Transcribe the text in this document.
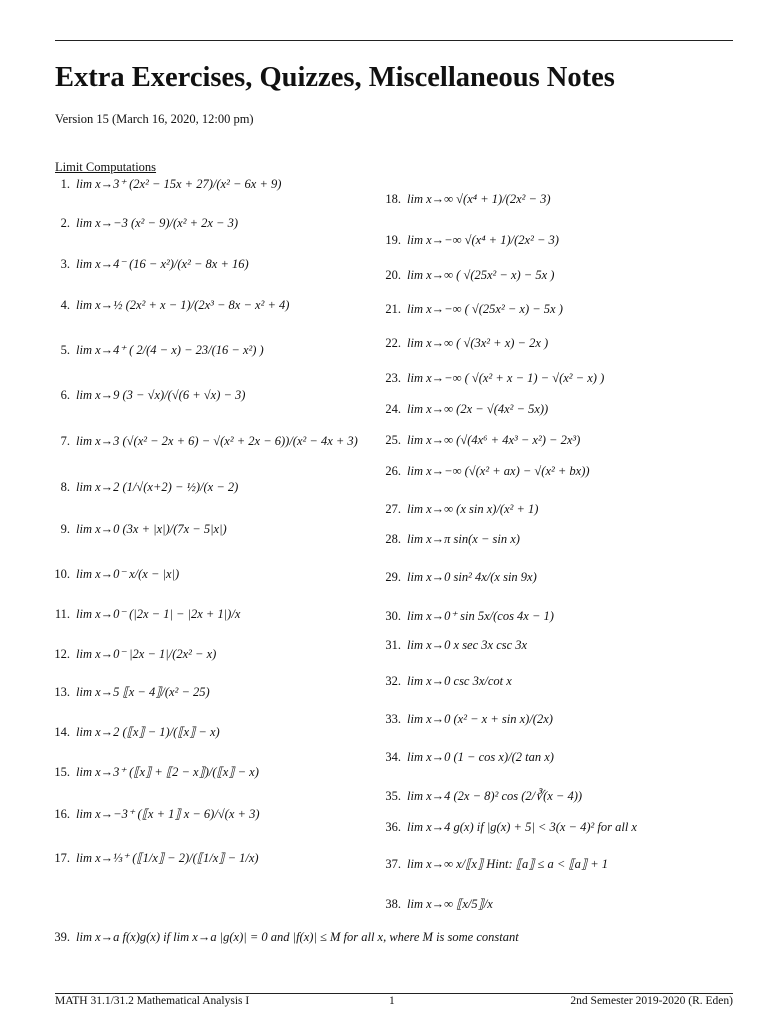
Extra Exercises, Quizzes, Miscellaneous Notes
Version 15 (March 16, 2020, 12:00 pm)
Limit Computations
1. lim x→3⁺ (2x² − 15x + 27)/(x² − 6x + 9)
2. lim x→−3 (x² − 9)/(x² + 2x − 3)
3. lim x→4⁻ (16 − x²)/(x² − 8x + 16)
4. lim x→½ (2x² + x − 1)/(2x³ − 8x − x² + 4)
5. lim x→4⁺ ( 2/(4 − x) − 23/(16 − x²) )
6. lim x→9 (3 − √x)/(√(6 + √x) − 3)
7. lim x→3 (√(x² − 2x + 6) − √(x² + 2x − 6))/(x² − 4x + 3)
8. lim x→2 (1/√(x+2) − ½)/(x − 2)
9. lim x→0 (3x + |x|)/(7x − 5|x|)
10. lim x→0⁻ x/(x − |x|)
11. lim x→0⁻ (|2x − 1| − |2x + 1|)/x
12. lim x→0⁻ |2x − 1|/(2x² − x)
13. lim x→5 ⟦x − 4⟧/(x² − 25)
14. lim x→2 (⟦x⟧ − 1)/(⟦x⟧ − x)
15. lim x→3⁺ (⟦x⟧ + ⟦2 − x⟧)/(⟦x⟧ − x)
16. lim x→−3⁺ (⟦x + 1⟧ x − 6)/√(x + 3)
17. lim x→⅓⁺ (⟦1/x⟧ − 2)/(⟦1/x⟧ − 1/x)
18. lim x→∞ √(x⁴ + 1)/(2x² − 3)
19. lim x→−∞ √(x⁴ + 1)/(2x² − 3)
20. lim x→∞ ( √(25x² − x) − 5x )
21. lim x→−∞ ( √(25x² − x) − 5x )
22. lim x→∞ ( √(3x² + x) − 2x )
23. lim x→−∞ ( √(x² + x − 1) − √(x² − x) )
24. lim x→∞ (2x − √(4x² − 5x))
25. lim x→∞ (√(4x⁶ + 4x³ − x²) − 2x³)
26. lim x→−∞ (√(x² + ax) − √(x² + bx))
27. lim x→∞ (x sin x)/(x² + 1)
28. lim x→π sin(x − sin x)
29. lim x→0 sin² 4x/(x sin 9x)
30. lim x→0⁺ sin 5x/(cos 4x − 1)
31. lim x→0 x sec 3x csc 3x
32. lim x→0 csc 3x/cot x
33. lim x→0 (x² − x + sin x)/(2x)
34. lim x→0 (1 − cos x)/(2 tan x)
35. lim x→4 (2x − 8)² cos (2/∛(x − 4))
36. lim x→4 g(x) if |g(x) + 5| < 3(x − 4)² for all x
37. lim x→∞ x/⟦x⟧ Hint: ⟦a⟧ ≤ a < ⟦a⟧ + 1
38. lim x→∞ ⟦x/5⟧/x
39. lim x→a f(x)g(x) if lim x→a |g(x)| = 0 and |f(x)| ≤ M for all x, where M is some constant
MATH 31.1/31.2 Mathematical Analysis I	1	2nd Semester 2019-2020 (R. Eden)
